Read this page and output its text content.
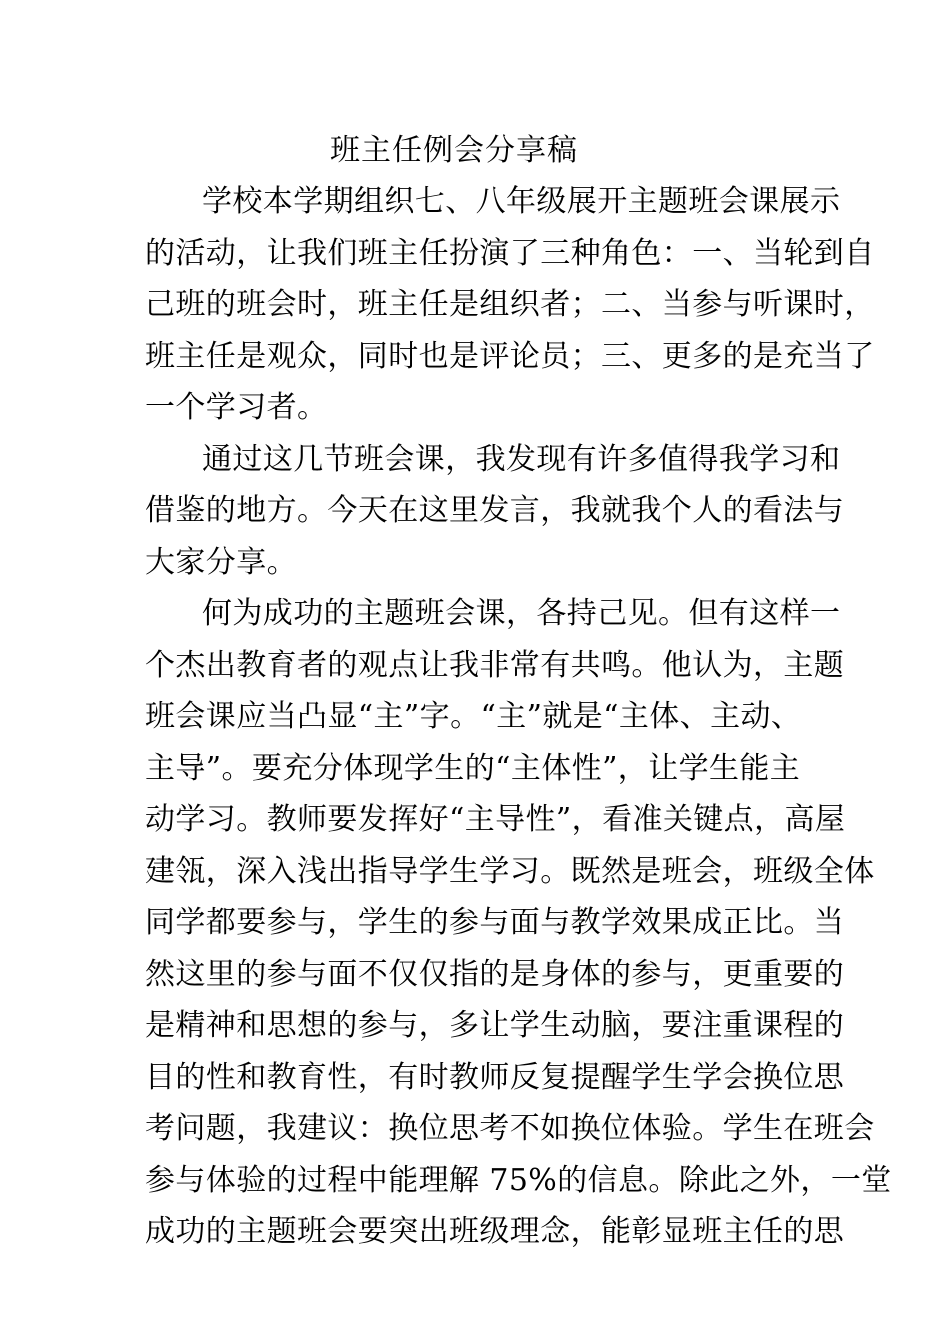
班主任例会分享稿
学校本学期组织七、八年级展开主题班会课展示
的活动，让我们班主任扮演了三种角色：一、当轮到自
己班的班会时，班主任是组织者；二、当参与听课时，
班主任是观众，同时也是评论员；三、更多的是充当了
一个学习者。
通过这几节班会课，我发现有许多值得我学习和
借鉴的地方。今天在这里发言，我就我个人的看法与
大家分享。
何为成功的主题班会课，各持己见。但有这样一
个杰出教育者的观点让我非常有共鸣。他认为，主题
班会课应当凸显“主”字。“主”就是“主体、主动、
主导”。要充分体现学生的“主体性”，让学生能主
动学习。教师要发挥好“主导性”，看准关键点，高屋
建瓴，深入浅出指导学生学习。既然是班会，班级全体
同学都要参与，学生的参与面与教学效果成正比。当
然这里的参与面不仅仅指的是身体的参与，更重要的
是精神和思想的参与，多让学生动脑，要注重课程的
目的性和教育性，有时教师反复提醒学生学会换位思
考问题，我建议：换位思考不如换位体验。学生在班会
参与体验的过程中能理解 75%的信息。除此之外，一堂
成功的主题班会要突出班级理念，能彰显班主任的思
